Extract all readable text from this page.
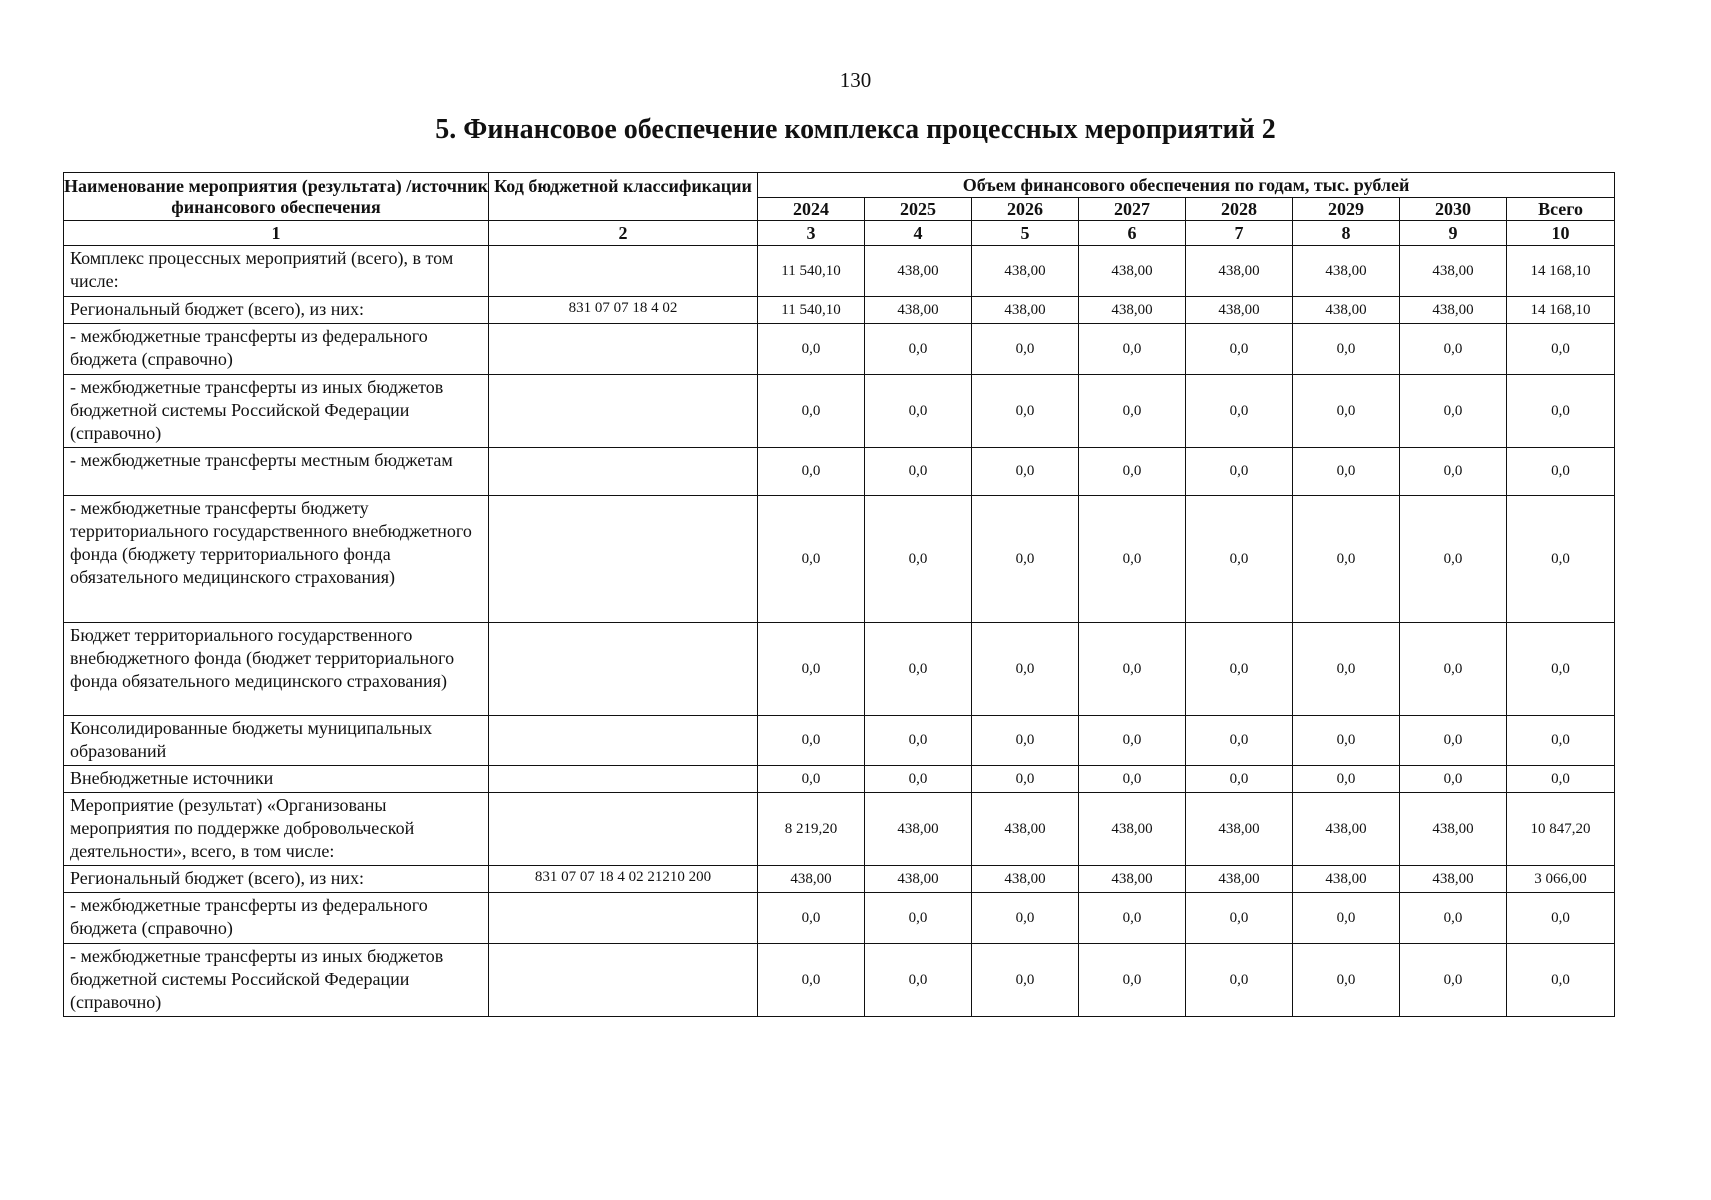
130
5. Финансовое обеспечение комплекса процессных мероприятий 2
Наименование мероприятия (результата) /источник финансового обеспечения	Код бюджетной классификации	Объем финансового обеспечения по годам, тыс. рублей							
		2024	2025	2026	2027	2028	2029	2030	Всего
1	2	3	4	5	6	7	8	9	10
Комплекс процессных мероприятий (всего), в том числе:		11 540,10	438,00	438,00	438,00	438,00	438,00	438,00	14 168,10
Региональный бюджет (всего), из них:	831 07 07 18 4 02	11 540,10	438,00	438,00	438,00	438,00	438,00	438,00	14 168,10
- межбюджетные трансферты из федерального бюджета (справочно)		0,0	0,0	0,0	0,0	0,0	0,0	0,0	0,0
- межбюджетные трансферты из иных бюджетов бюджетной системы Российской Федерации (справочно)		0,0	0,0	0,0	0,0	0,0	0,0	0,0	0,0
- межбюджетные трансферты местным бюджетам		0,0	0,0	0,0	0,0	0,0	0,0	0,0	0,0
- межбюджетные трансферты бюджету территориального государственного внебюджетного фонда (бюджету территориального фонда обязательного медицинского страхования)		0,0	0,0	0,0	0,0	0,0	0,0	0,0	0,0
Бюджет территориального государственного внебюджетного фонда (бюджет территориального фонда обязательного медицинского страхования)		0,0	0,0	0,0	0,0	0,0	0,0	0,0	0,0
Консолидированные бюджеты муниципальных образований		0,0	0,0	0,0	0,0	0,0	0,0	0,0	0,0
Внебюджетные источники		0,0	0,0	0,0	0,0	0,0	0,0	0,0	0,0
Мероприятие (результат) «Организованы мероприятия по поддержке добровольческой деятельности», всего, в том числе:		8 219,20	438,00	438,00	438,00	438,00	438,00	438,00	10 847,20
Региональный бюджет (всего), из них:	831 07 07 18 4 02 21210 200	438,00	438,00	438,00	438,00	438,00	438,00	438,00	3 066,00
- межбюджетные трансферты из федерального бюджета (справочно)		0,0	0,0	0,0	0,0	0,0	0,0	0,0	0,0
- межбюджетные трансферты из иных бюджетов бюджетной системы Российской Федерации (справочно)		0,0	0,0	0,0	0,0	0,0	0,0	0,0	0,0
